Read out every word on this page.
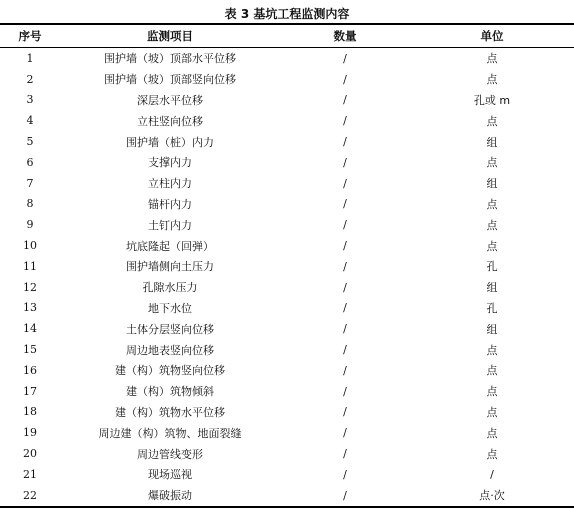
表 3 基坑工程监测内容
序号	监测项目	数量	单位
1	围护墙（坡）顶部水平位移	/	点
2	围护墙（坡）顶部竖向位移	/	点
3	深层水平位移	/	孔或 m
4	立柱竖向位移	/	点
5	围护墙（桩）内力	/	组
6	支撑内力	/	点
7	立柱内力	/	组
8	锚杆内力	/	点
9	土钉内力	/	点
10	坑底隆起（回弹）	/	点
11	围护墙侧向土压力	/	孔
12	孔隙水压力	/	组
13	地下水位	/	孔
14	土体分层竖向位移	/	组
15	周边地表竖向位移	/	点
16	建（构）筑物竖向位移	/	点
17	建（构）筑物倾斜	/	点
18	建（构）筑物水平位移	/	点
19	周边建（构）筑物、地面裂缝	/	点
20	周边管线变形	/	点
21	现场巡视	/	/
22	爆破振动	/	点·次
